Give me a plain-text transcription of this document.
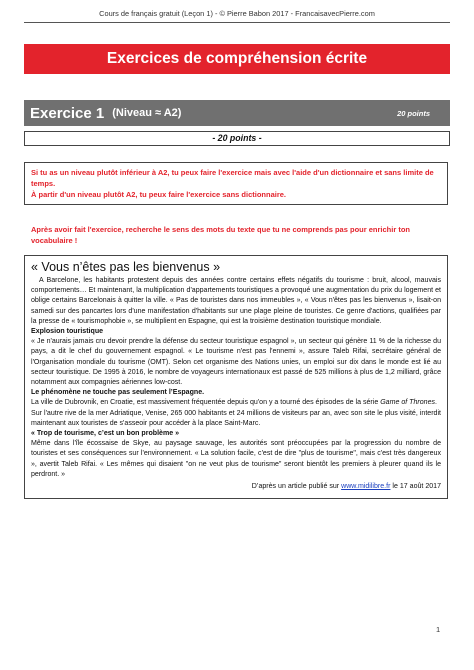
Cours de français gratuit (Leçon 1) - © Pierre Babon 2017 - FrancaisavecPierre.com
Exercices de compréhension écrite
Exercice 1 (Niveau ≈ A2)	20 points
- 20 points -

Si tu as un niveau plutôt inférieur à A2, tu peux faire l'exercice mais avec l'aide d'un dictionnaire et sans limite de temps.

À partir d'un niveau plutôt A2, tu peux faire l'exercice sans dictionnaire.

Après avoir fait l'exercice, recherche le sens des mots du texte que tu ne comprends pas pour enrichir ton vocabulaire !

« Vous n’êtes pas les bienvenus »

A Barcelone, les habitants protestent depuis des années contre certains effets négatifs du tourisme : bruit, alcool, mauvais comportements… Et maintenant, la multiplication d'appartements touristiques a provoqué une augmentation du prix du logement et oblige certains Barcelonais à quitter la ville. « Pas de touristes dans nos immeubles », « Vous n'êtes pas les bienvenus », lisait-on samedi sur des pancartes lors d'une manifestation d'habitants sur une plage pleine de touristes. Ce genre d'actions, qualifiées par la presse de « tourismophobie », se multiplient en Espagne, qui est la troisième destination touristique mondiale.

Explosion touristique

« Je n'aurais jamais cru devoir prendre la défense du secteur touristique espagnol », un secteur qui génère 11 % de la richesse du pays, a dit le chef du gouvernement espagnol. « Le tourisme n'est pas l'ennemi », assure Taleb Rifai, secrétaire général de l'Organisation mondiale du tourisme (OMT). Selon cet organisme des Nations unies, un emploi sur dix dans le monde est lié au secteur touristique. De 1995 à 2016, le nombre de voyageurs internationaux est passé de 525 millions à plus de 1,2 milliard, grâce notamment aux compagnies aériennes low-cost.

Le phénomène ne touche pas seulement l’Espagne.

La ville de Dubrovnik, en Croatie, est massivement fréquentée depuis qu'on y a tourné des épisodes de la série Game of Thrones.

Sur l'autre rive de la mer Adriatique, Venise, 265 000 habitants et 24 millions de visiteurs par an, avec son site le plus visité, interdit maintenant aux touristes de s'asseoir pour accéder à la place Saint-Marc.

« Trop de tourisme, c’est un bon problème »

Même dans l'île écossaise de Skye, au paysage sauvage, les autorités sont préoccupées par la progression du nombre de touristes et ses conséquences sur l'environnement. « La solution facile, c'est de dire "plus de tourisme", mais c'est très dangereux », avertit Taleb Rifai. « Les mêmes qui disaient "on ne veut plus de tourisme" seront bientôt les premiers à pleurer quand ils le perdront. »

D’après un article publié sur www.midilibre.fr le 17 août 2017

1
